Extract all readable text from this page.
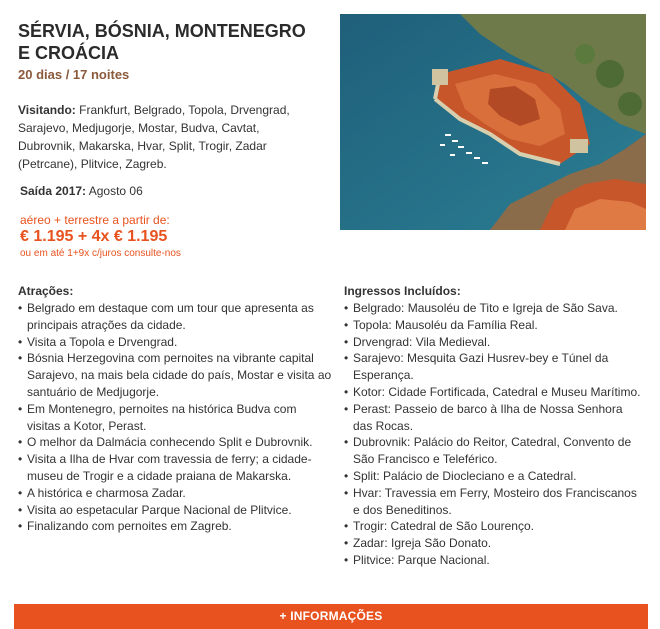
SÉRVIA, BÓSNIA, MONTENEGRO
E CROÁCIA
20 dias / 17 noites
Visitando: Frankfurt, Belgrado, Topola, Drvengrad, Sarajevo, Medjugorje, Mostar, Budva, Cavtat, Dubrovnik, Makarska, Hvar, Split, Trogir, Zadar (Petrcane), Plitvice, Zagreb.
Saída 2017: Agosto 06
aéreo + terrestre a partir de:
€ 1.195 + 4x € 1.195
ou em até 1+9x c/juros consulte-nos
Atrações:
• Belgrado em destaque com um tour que apresenta as principais atrações da cidade.
• Visita a Topola e Drvengrad.
• Bósnia Herzegovina com pernoites na vibrante capital Sarajevo, na mais bela cidade do país, Mostar e visita ao santuário de Medjugorje.
• Em Montenegro, pernoites na histórica Budva com visitas a Kotor, Perast.
• O melhor da Dalmácia conhecendo Split e Dubrovnik.
• Visita a Ilha de Hvar com travessia de ferry; a cidade-museu de Trogir e a cidade praiana de Makarska.
• A histórica e charmosa Zadar.
• Visita ao espetacular Parque Nacional de Plitvice.
• Finalizando com pernoites em Zagreb.
Ingressos Incluídos:
• Belgrado: Mausoléu de Tito e Igreja de São Sava.
• Topola: Mausoléu da Família Real.
• Drvengrad: Vila Medieval.
• Sarajevo: Mesquita Gazi Husrev-bey e Túnel da Esperança.
• Kotor: Cidade Fortificada, Catedral e Museu Marítimo.
• Perast: Passeio de barco à Ilha de Nossa Senhora das Rocas.
• Dubrovnik: Palácio do Reitor, Catedral, Convento de São Francisco e Teleférico.
• Split: Palácio de Diocleciano e a Catedral.
• Hvar: Travessia em Ferry, Mosteiro dos Franciscanos e dos Beneditinos.
• Trogir: Catedral de São Lourenço.
• Zadar: Igreja São Donato.
• Plitvice: Parque Nacional.
+ INFORMAÇÕES
